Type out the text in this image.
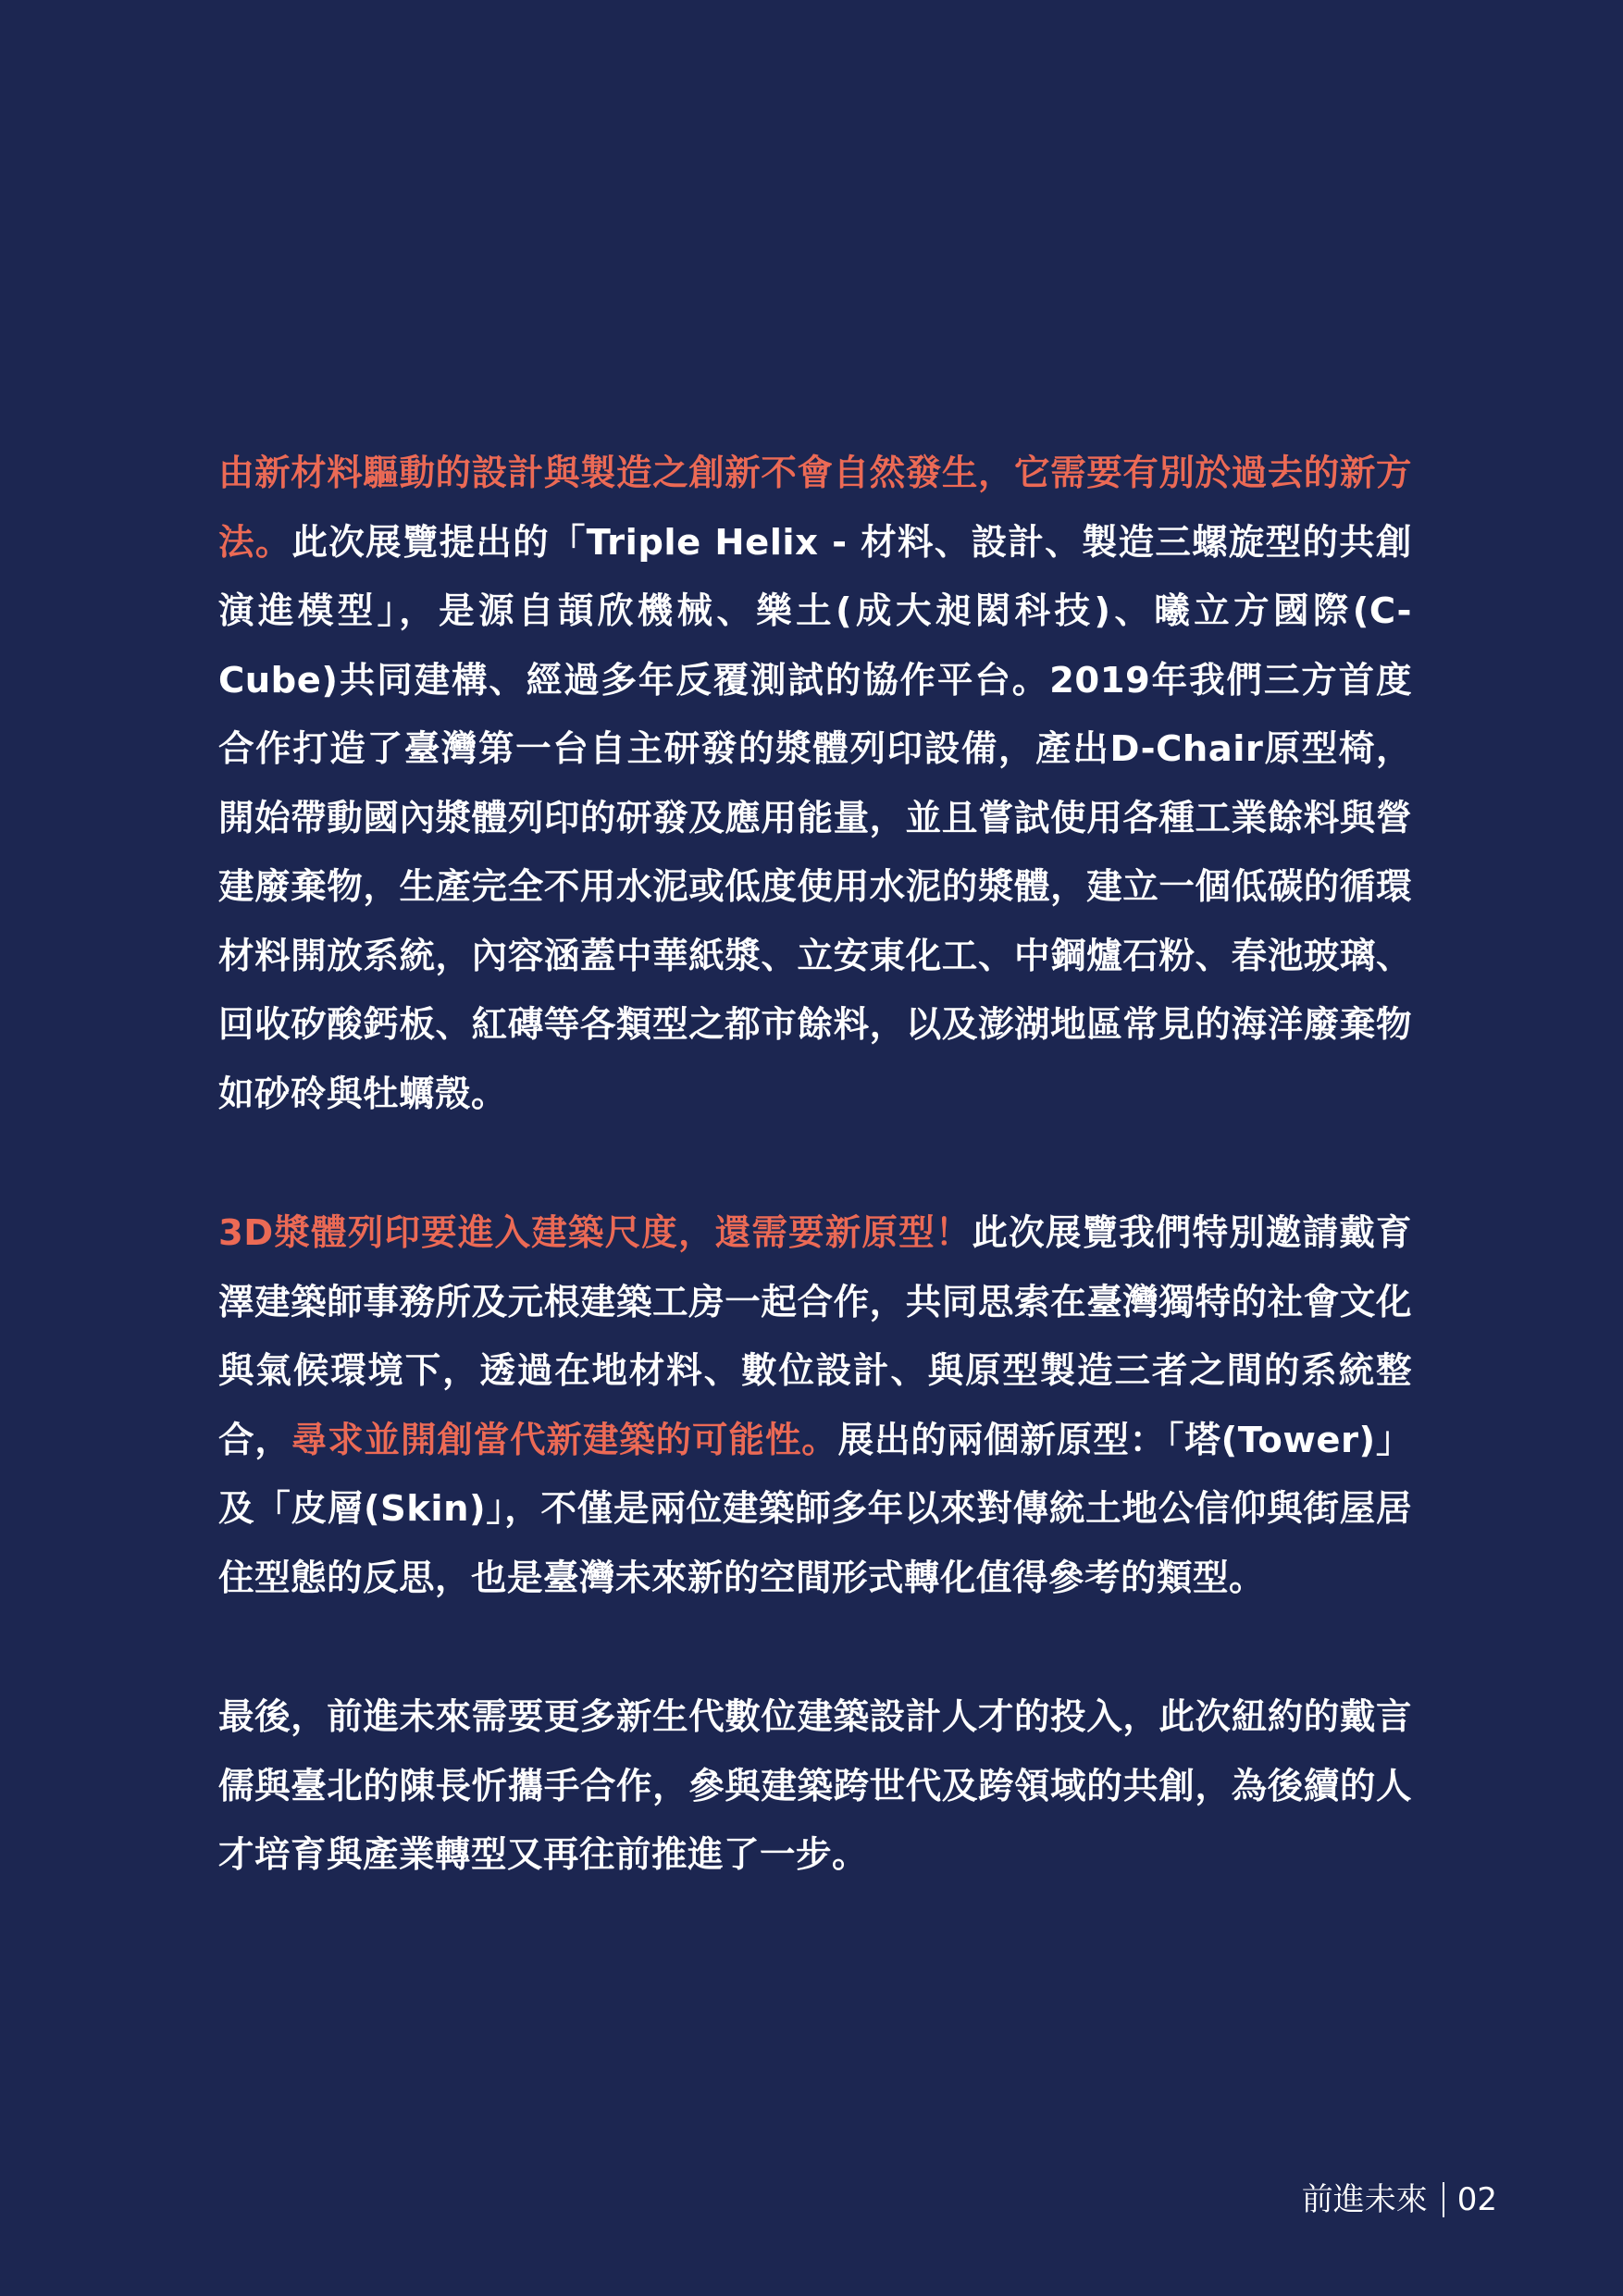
由新材料驅動的設計與製造之創新不會自然發生，它需要有別於過去的新方法。此次展覽提出的「Triple Helix - 材料、設計、製造三螺旋型的共創演進模型」，是源自頡欣機械、樂土(成大昶閎科技)、曦立方國際(C-Cube)共同建構、經過多年反覆測試的協作平台。2019年我們三方首度合作打造了臺灣第一台自主研發的漿體列印設備，產出D-Chair原型椅，開始帶動國內漿體列印的研發及應用能量，並且嘗試使用各種工業餘料與營建廢棄物，生產完全不用水泥或低度使用水泥的漿體，建立一個低碳的循環材料開放系統，內容涵蓋中華紙漿、立安東化工、中鋼爐石粉、春池玻璃、回收矽酸鈣板、紅磚等各類型之都市餘料，以及澎湖地區常見的海洋廢棄物如砂砱與牡蠣殼。

3D漿體列印要進入建築尺度，還需要新原型！此次展覽我們特別邀請戴育澤建築師事務所及元根建築工房一起合作，共同思索在臺灣獨特的社會文化與氣候環境下，透過在地材料、數位設計、與原型製造三者之間的系統整合，尋求並開創當代新建築的可能性。展出的兩個新原型：「塔(Tower)」及「皮層(Skin)」，不僅是兩位建築師多年以來對傳統土地公信仰與街屋居住型態的反思，也是臺灣未來新的空間形式轉化值得參考的類型。

最後，前進未來需要更多新生代數位建築設計人才的投入，此次紐約的戴言儒與臺北的陳長忻攜手合作，參與建築跨世代及跨領域的共創，為後續的人才培育與產業轉型又再往前推進了一步。

前進未來 02
